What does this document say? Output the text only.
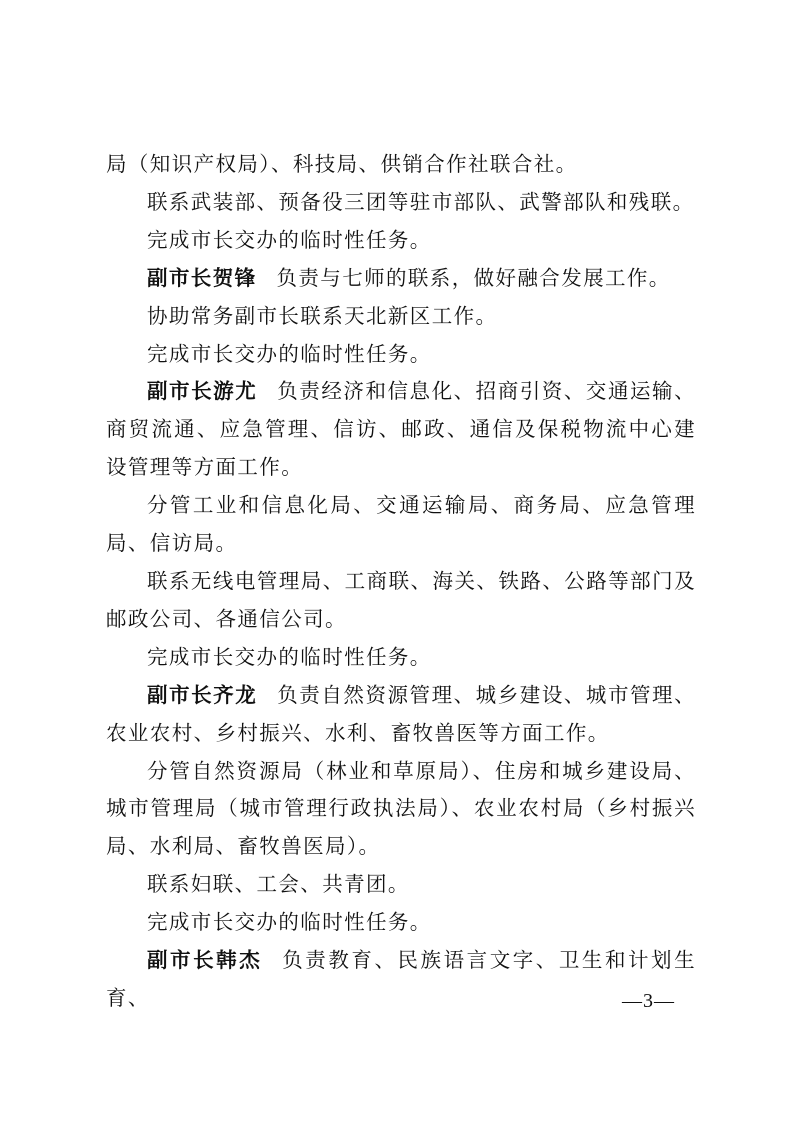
局（知识产权局）、科技局、供销合作社联合社。

联系武装部、预备役三团等驻市部队、武警部队和残联。

完成市长交办的临时性任务。

副市长贺锋 负责与七师的联系，做好融合发展工作。

协助常务副市长联系天北新区工作。

完成市长交办的临时性任务。

副市长游尤 负责经济和信息化、招商引资、交通运输、商贸流通、应急管理、信访、邮政、通信及保税物流中心建设管理等方面工作。

分管工业和信息化局、交通运输局、商务局、应急管理局、信访局。

联系无线电管理局、工商联、海关、铁路、公路等部门及邮政公司、各通信公司。

完成市长交办的临时性任务。

副市长齐龙 负责自然资源管理、城乡建设、城市管理、农业农村、乡村振兴、水利、畜牧兽医等方面工作。

分管自然资源局（林业和草原局）、住房和城乡建设局、城市管理局（城市管理行政执法局）、农业农村局（乡村振兴局、水利局、畜牧兽医局）。

联系妇联、工会、共青团。

完成市长交办的临时性任务。

副市长韩杰 负责教育、民族语言文字、卫生和计划生育、	—3—
